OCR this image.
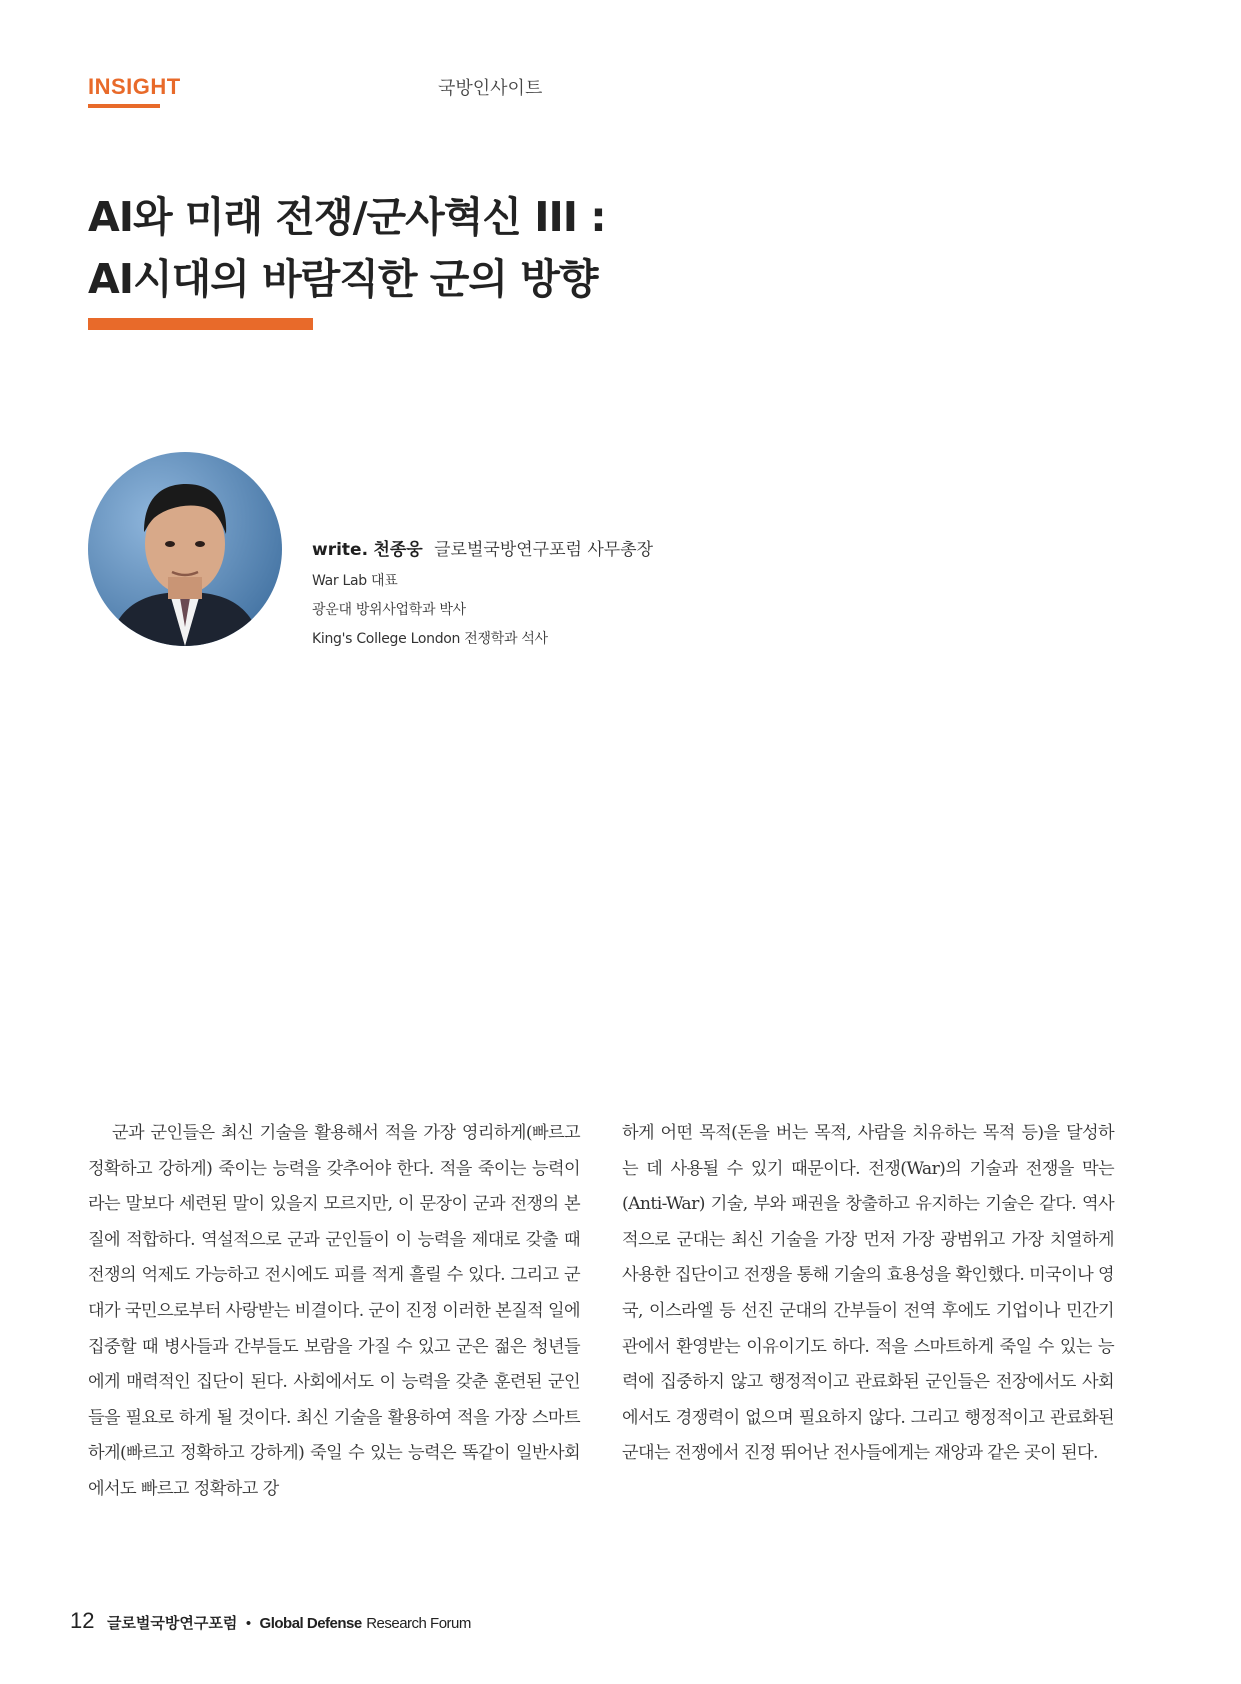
INSIGHT	국방인사이트
AI와 미래 전쟁/군사혁신 III :
AI시대의 바람직한 군의 방향
write. 천종웅 글로벌국방연구포럼 사무총장
War Lab 대표
광운대 방위사업학과 박사
King's College London 전쟁학과 석사
군과 군인들은 최신 기술을 활용해서 적을 가장 영리하게(빠르고 정확하고 강하게) 죽이는 능력을 갖추어야 한다. 적을 죽이는 능력이라는 말보다 세련된 말이 있을지 모르지만, 이 문장이 군과 전쟁의 본질에 적합하다. 역설적으로 군과 군인들이 이 능력을 제대로 갖출 때 전쟁의 억제도 가능하고 전시에도 피를 적게 흘릴 수 있다. 그리고 군대가 국민으로부터 사랑받는 비결이다. 군이 진정 이러한 본질적 일에 집중할 때 병사들과 간부들도 보람을 가질 수 있고 군은 젊은 청년들에게 매력적인 집단이 된다. 사회에서도 이 능력을 갖춘 훈련된 군인들을 필요로 하게 될 것이다. 최신 기술을 활용하여 적을 가장 스마트하게(빠르고 정확하고 강하게) 죽일 수 있는 능력은 똑같이 일반사회에서도 빠르고 정확하고 강
하게 어떤 목적(돈을 버는 목적, 사람을 치유하는 목적 등)을 달성하는 데 사용될 수 있기 때문이다. 전쟁(War)의 기술과 전쟁을 막는(Anti-War) 기술, 부와 패권을 창출하고 유지하는 기술은 같다. 역사적으로 군대는 최신 기술을 가장 먼저 가장 광범위고 가장 치열하게 사용한 집단이고 전쟁을 통해 기술의 효용성을 확인했다. 미국이나 영국, 이스라엘 등 선진 군대의 간부들이 전역 후에도 기업이나 민간기관에서 환영받는 이유이기도 하다. 적을 스마트하게 죽일 수 있는 능력에 집중하지 않고 행정적이고 관료화된 군인들은 전장에서도 사회에서도 경쟁력이 없으며 필요하지 않다. 그리고 행정적이고 관료화된 군대는 전쟁에서 진정 뛰어난 전사들에게는 재앙과 같은 곳이 된다.
12 글로벌국방연구포럼 • Global Defense Research Forum
